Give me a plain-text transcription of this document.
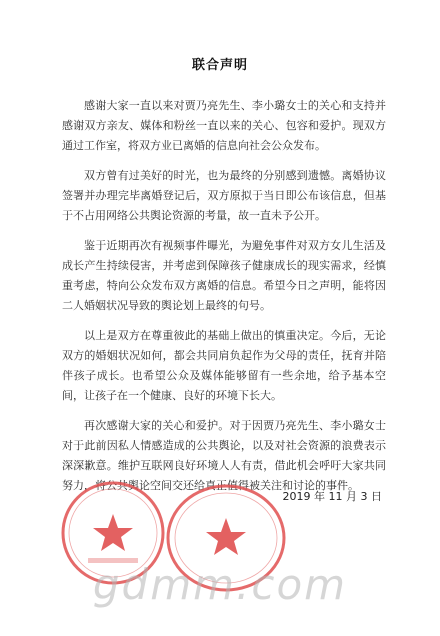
联合声明

感谢大家一直以来对贾乃亮先生、李小璐女士的关心和支持并感谢双方亲友、媒体和粉丝一直以来的关心、包容和爱护。现双方通过工作室，将双方业已离婚的信息向社会公众发布。

双方曾有过美好的时光，也为最终的分别感到遗憾。离婚协议签署并办理完毕离婚登记后，双方原拟于当日即公布该信息，但基于不占用网络公共舆论资源的考量，故一直未予公开。

鉴于近期再次有视频事件曝光，为避免事件对双方女儿生活及成长产生持续侵害，并考虑到保障孩子健康成长的现实需求，经慎重考虑，特向公众发布双方离婚的信息。希望今日之声明，能将因二人婚姻状况导致的舆论划上最终的句号。

以上是双方在尊重彼此的基础上做出的慎重决定。今后，无论双方的婚姻状况如何，都会共同肩负起作为父母的责任，抚育并陪伴孩子成长。也希望公众及媒体能够留有一些余地，给予基本空间，让孩子在一个健康、良好的环境下长大。

再次感谢大家的关心和爱护。对于因贾乃亮先生、李小璐女士对于此前因私人情感造成的公共舆论，以及对社会资源的浪费表示深深歉意。维护互联网良好环境人人有责，借此机会呼吁大家共同努力，将公共舆论空间交还给真正值得被关注和讨论的事件。

2019 年 11 月 3 日
gdmm.com
